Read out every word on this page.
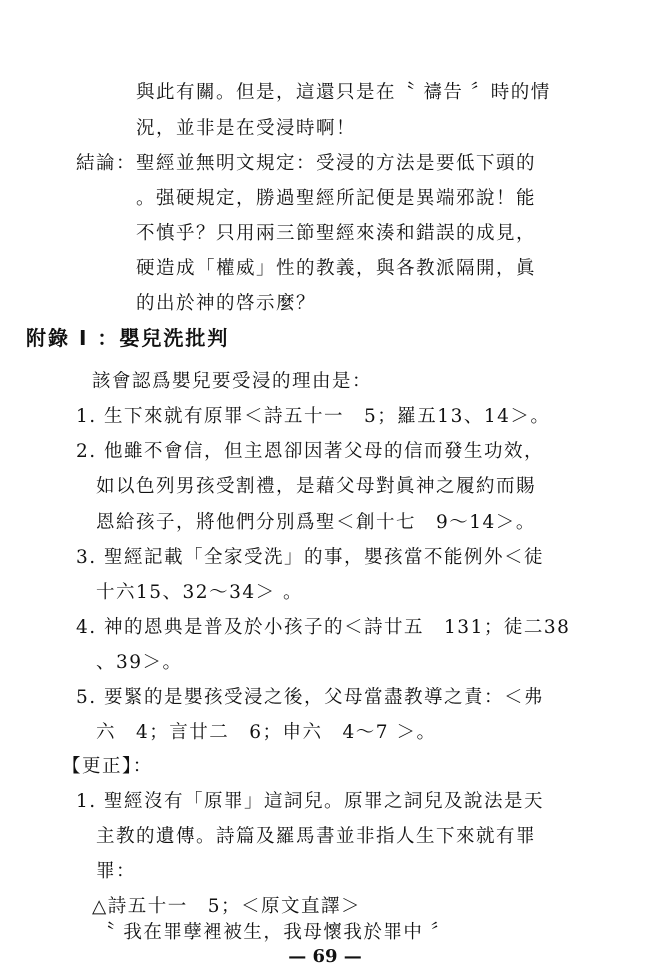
與此有關。但是，這還只是在〝 禱告 〞時的情
況，並非是在受浸時啊！
結論：聖經並無明文規定：受浸的方法是要低下頭的
。强硬規定，勝過聖經所記便是異端邪說！能
不慎乎？只用兩三節聖經來湊和錯誤的成見，
硬造成「權威」性的教義，與各教派隔開，眞
的出於神的啓示麼？
附錄 I ：嬰兒洗批判
該會認爲嬰兒要受浸的理由是：
1. 生下來就有原罪＜詩五十一　5；羅五13、14＞。
2. 他雖不會信，但主恩卻因著父母的信而發生功效，
如以色列男孩受割禮，是藉父母對眞神之履約而賜
恩給孩子，將他們分別爲聖＜創十七　9～14＞。
3. 聖經記載「全家受洗」的事，嬰孩當不能例外＜徒
十六15、32～34＞ 。
4. 神的恩典是普及於小孩子的＜詩廿五　131；徒二38
、39＞。
5. 要緊的是嬰孩受浸之後，父母當盡教導之責：＜弗
六　4；言廿二　6；申六　4～7 ＞。
【更正】：
1. 聖經沒有「原罪」這詞兒。原罪之詞兒及說法是天
主教的遺傳。詩篇及羅馬書並非指人生下來就有罪
罪：
△詩五十一　5；＜原文直譯＞
〝 我在罪孽裡被生，我母懷我於罪中 〞
— 69 —
